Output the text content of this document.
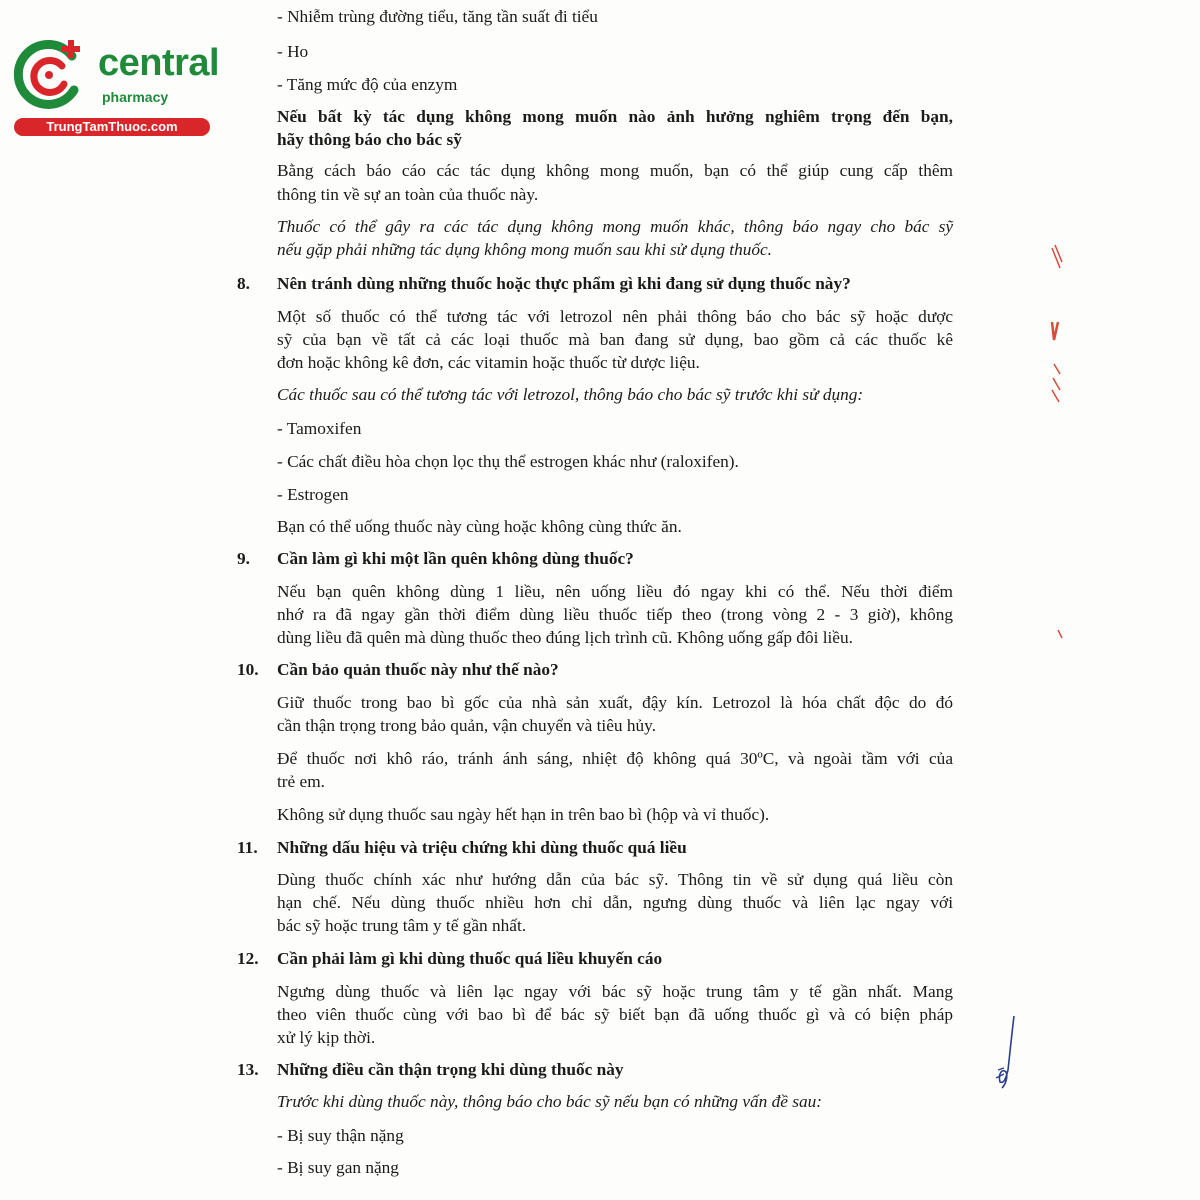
central
pharmacy
TrungTamThuoc.com
- Nhiễm trùng đường tiểu, tăng tần suất đi tiểu
- Ho
- Tăng mức độ của enzym
Nếu bất kỳ tác dụng không mong muốn nào ảnh hưởng nghiêm trọng đến bạn,
hãy thông báo cho bác sỹ
Bằng cách báo cáo các tác dụng không mong muốn, bạn có thể giúp cung cấp thêm
thông tin về sự an toàn của thuốc này.
Thuốc có thể gây ra các tác dụng không mong muốn khác, thông báo ngay cho bác sỹ
nếu gặp phải những tác dụng không mong muốn sau khi sử dụng thuốc.
8. Nên tránh dùng những thuốc hoặc thực phẩm gì khi đang sử dụng thuốc này?
Một số thuốc có thể tương tác với letrozol nên phải thông báo cho bác sỹ hoặc dược
sỹ của bạn về tất cả các loại thuốc mà ban đang sử dụng, bao gồm cả các thuốc kê
đơn hoặc không kê đơn, các vitamin hoặc thuốc từ dược liệu.
Các thuốc sau có thể tương tác với letrozol, thông báo cho bác sỹ trước khi sử dụng:
- Tamoxifen
- Các chất điều hòa chọn lọc thụ thể estrogen khác như (raloxifen).
- Estrogen
Bạn có thể uống thuốc này cùng hoặc không cùng thức ăn.
9. Cần làm gì khi một lần quên không dùng thuốc?
Nếu bạn quên không dùng 1 liều, nên uống liều đó ngay khi có thể. Nếu thời điểm
nhớ ra đã ngay gần thời điểm dùng liều thuốc tiếp theo (trong vòng 2 - 3 giờ), không
dùng liều đã quên mà dùng thuốc theo đúng lịch trình cũ. Không uống gấp đôi liều.
10. Cần bảo quản thuốc này như thế nào?
Giữ thuốc trong bao bì gốc của nhà sản xuất, đậy kín. Letrozol là hóa chất độc do đó
cần thận trọng trong bảo quản, vận chuyển và tiêu hủy.
Để thuốc nơi khô ráo, tránh ánh sáng, nhiệt độ không quá 30ºC, và ngoài tầm với của
trẻ em.
Không sử dụng thuốc sau ngày hết hạn in trên bao bì (hộp và vỉ thuốc).
11. Những dấu hiệu và triệu chứng khi dùng thuốc quá liều
Dùng thuốc chính xác như hướng dẫn của bác sỹ. Thông tin về sử dụng quá liều còn
hạn chế. Nếu dùng thuốc nhiều hơn chỉ dẫn, ngưng dùng thuốc và liên lạc ngay với
bác sỹ hoặc trung tâm y tế gần nhất.
12. Cần phải làm gì khi dùng thuốc quá liều khuyến cáo
Ngưng dùng thuốc và liên lạc ngay với bác sỹ hoặc trung tâm y tế gần nhất. Mang
theo viên thuốc cùng với bao bì để bác sỹ biết bạn đã uống thuốc gì và có biện pháp
xử lý kịp thời.
13. Những điều cần thận trọng khi dùng thuốc này
Trước khi dùng thuốc này, thông báo cho bác sỹ nếu bạn có những vấn đề sau:
- Bị suy thận nặng
- Bị suy gan nặng
